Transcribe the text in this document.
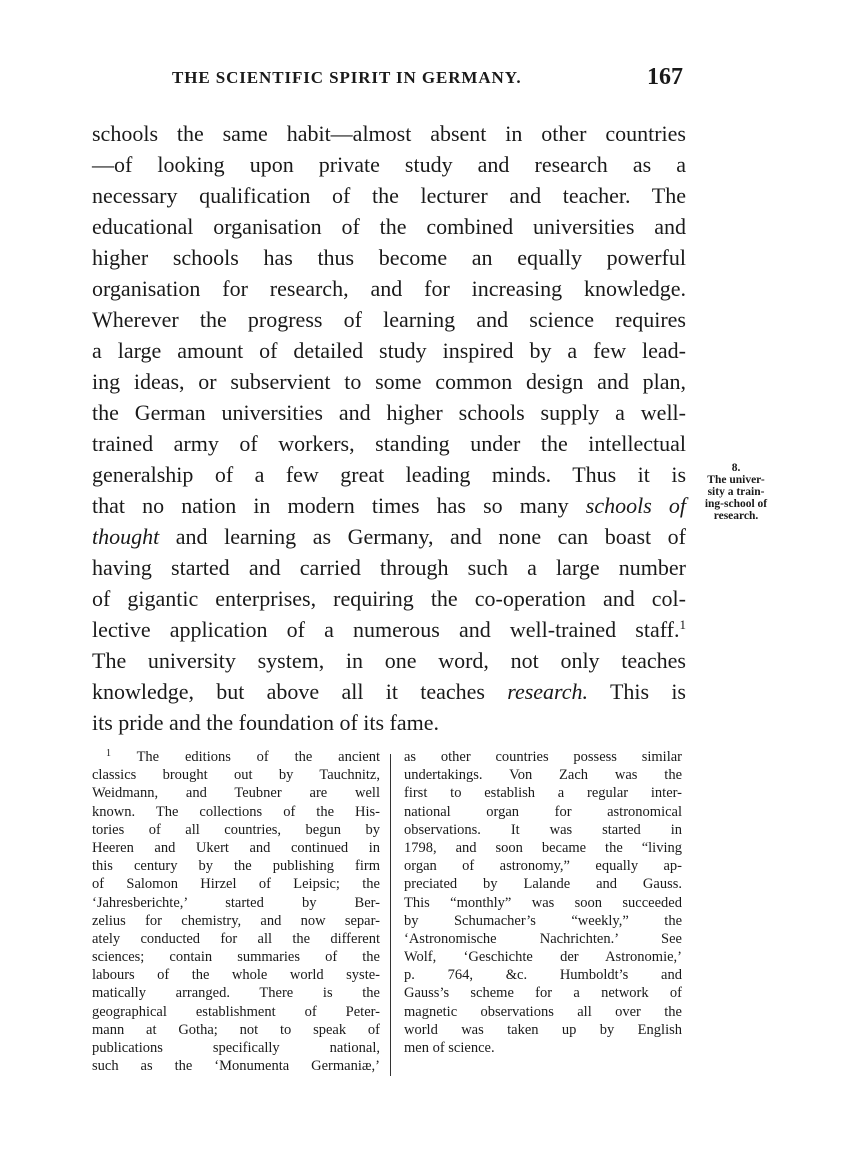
THE SCIENTIFIC SPIRIT IN GERMANY.	167
schools the same habit—almost absent in other countries
—of looking upon private study and research as a
necessary qualification of the lecturer and teacher. The
educational organisation of the combined universities and
higher schools has thus become an equally powerful
organisation for research, and for increasing knowledge.
Wherever the progress of learning and science requires
a large amount of detailed study inspired by a few lead-
ing ideas, or subservient to some common design and plan,
the German universities and higher schools supply a well-
trained army of workers, standing under the intellectual
generalship of a few great leading minds. Thus it is
that no nation in modern times has so many schools of
thought and learning as Germany, and none can boast of
having started and carried through such a large number
of gigantic enterprises, requiring the co-operation and col-
lective application of a numerous and well-trained staff.$^1$
The university system, in one word, not only teaches
knowledge, but above all it teaches research. This is
its pride and the foundation of its fame.
8.
The univer-
sity a train-
ing-school of
research.
$^1$ The editions of the ancient
classics brought out by Tauchnitz,
Weidmann, and Teubner are well
known. The collections of the His-
tories of all countries, begun by
Heeren and Ukert and continued in
this century by the publishing firm
of Salomon Hirzel of Leipsic; the
‘Jahresberichte,’ started by Ber-
zelius for chemistry, and now separ-
ately conducted for all the different
sciences; contain summaries of the
labours of the whole world syste-
matically arranged. There is the
geographical establishment of Peter-
mann at Gotha; not to speak of
publications specifically national,
such as the ‘Monumenta Germaniæ,’
as other countries possess similar
undertakings. Von Zach was the
first to establish a regular inter-
national organ for astronomical
observations. It was started in
1798, and soon became the “living
organ of astronomy,” equally ap-
preciated by Lalande and Gauss.
This “monthly” was soon succeeded
by Schumacher’s “weekly,” the
‘Astronomische Nachrichten.’ See
Wolf, ‘Geschichte der Astronomie,’
p. 764, &c. Humboldt’s and
Gauss’s scheme for a network of
magnetic observations all over the
world was taken up by English
men of science.
